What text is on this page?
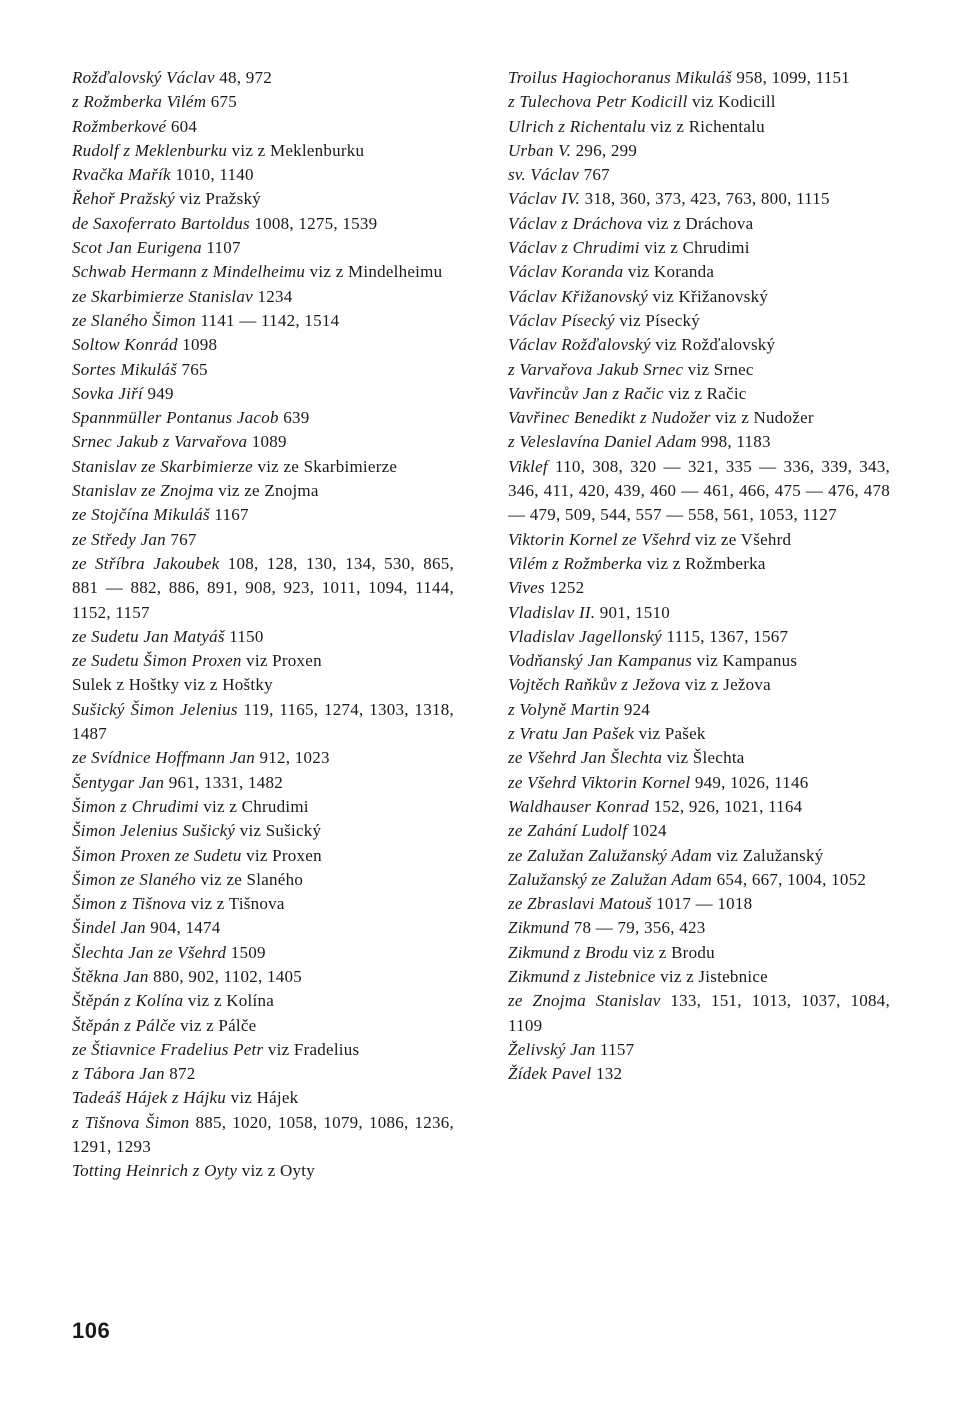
Rožďalovský Václav 48, 972
z Rožmberka Vilém 675
Rožmberkové 604
Rudolf z Meklenburku viz z Meklenburku
Rvačka Mařík 1010, 1140
Řehoř Pražský viz Pražský
de Saxoferrato Bartoldus 1008, 1275, 1539
Scot Jan Eurigena 1107
Schwab Hermann z Mindelheimu viz z Mindelheimu
ze Skarbimierze Stanislav 1234
ze Slaného Šimon 1141 — 1142, 1514
Soltow Konrád 1098
Sortes Mikuláš 765
Sovka Jiří 949
Spannmüller Pontanus Jacob 639
Srnec Jakub z Varvařova 1089
Stanislav ze Skarbimierze viz ze Skarbimierze
Stanislav ze Znojma viz ze Znojma
ze Stojčína Mikuláš 1167
ze Středy Jan 767
ze Stříbra Jakoubek 108, 128, 130, 134, 530, 865, 881 — 882, 886, 891, 908, 923, 1011, 1094, 1144, 1152, 1157
ze Sudetu Jan Matyáš 1150
ze Sudetu Šimon Proxen viz Proxen
Sulek z Hoštky viz z Hoštky
Sušický Šimon Jelenius 119, 1165, 1274, 1303, 1318, 1487
ze Svídnice Hoffmann Jan 912, 1023
Šentygar Jan 961, 1331, 1482
Šimon z Chrudimi viz z Chrudimi
Šimon Jelenius Sušický viz Sušický
Šimon Proxen ze Sudetu viz Proxen
Šimon ze Slaného viz ze Slaného
Šimon z Tišnova viz z Tišnova
Šindel Jan 904, 1474
Šlechta Jan ze Všehrd 1509
Štěkna Jan 880, 902, 1102, 1405
Štěpán z Kolína viz z Kolína
Štěpán z Pálče viz z Pálče
ze Štiavnice Fradelius Petr viz Fradelius
z Tábora Jan 872
Tadeáš Hájek z Hájku viz Hájek
z Tišnova Šimon 885, 1020, 1058, 1079, 1086, 1236, 1291, 1293
Totting Heinrich z Oyty viz z Oyty
Troilus Hagiochoranus Mikuláš 958, 1099, 1151
z Tulechova Petr Kodicill viz Kodicill
Ulrich z Richentalu viz z Richentalu
Urban V. 296, 299
sv. Václav 767
Václav IV. 318, 360, 373, 423, 763, 800, 1115
Václav z Dráchova viz z Dráchova
Václav z Chrudimi viz z Chrudimi
Václav Koranda viz Koranda
Václav Křižanovský viz Křižanovský
Václav Písecký viz Písecký
Václav Rožďalovský viz Rožďalovský
z Varvařova Jakub Srnec viz Srnec
Vavřincův Jan z Račic viz z Račic
Vavřinec Benedikt z Nudožer viz z Nudožer
z Veleslavína Daniel Adam 998, 1183
Viklef 110, 308, 320 — 321, 335 — 336, 339, 343, 346, 411, 420, 439, 460 — 461, 466, 475 — 476, 478 — 479, 509, 544, 557 — 558, 561, 1053, 1127
Viktorin Kornel ze Všehrd viz ze Všehrd
Vilém z Rožmberka viz z Rožmberka
Vives 1252
Vladislav II. 901, 1510
Vladislav Jagellonský 1115, 1367, 1567
Vodňanský Jan Kampanus viz Kampanus
Vojtěch Raňkův z Ježova viz z Ježova
z Volyně Martin 924
z Vratu Jan Pašek viz Pašek
ze Všehrd Jan Šlechta viz Šlechta
ze Všehrd Viktorin Kornel 949, 1026, 1146
Waldhauser Konrad 152, 926, 1021, 1164
ze Zahání Ludolf 1024
ze Zalužan Zalužanský Adam viz Zalužanský
Zalužanský ze Zalužan Adam 654, 667, 1004, 1052
ze Zbraslavi Matouš 1017 — 1018
Zikmund 78 — 79, 356, 423
Zikmund z Brodu viz z Brodu
Zikmund z Jistebnice viz z Jistebnice
ze Znojma Stanislav 133, 151, 1013, 1037, 1084, 1109
Želivský Jan 1157
Žídek Pavel 132
106
